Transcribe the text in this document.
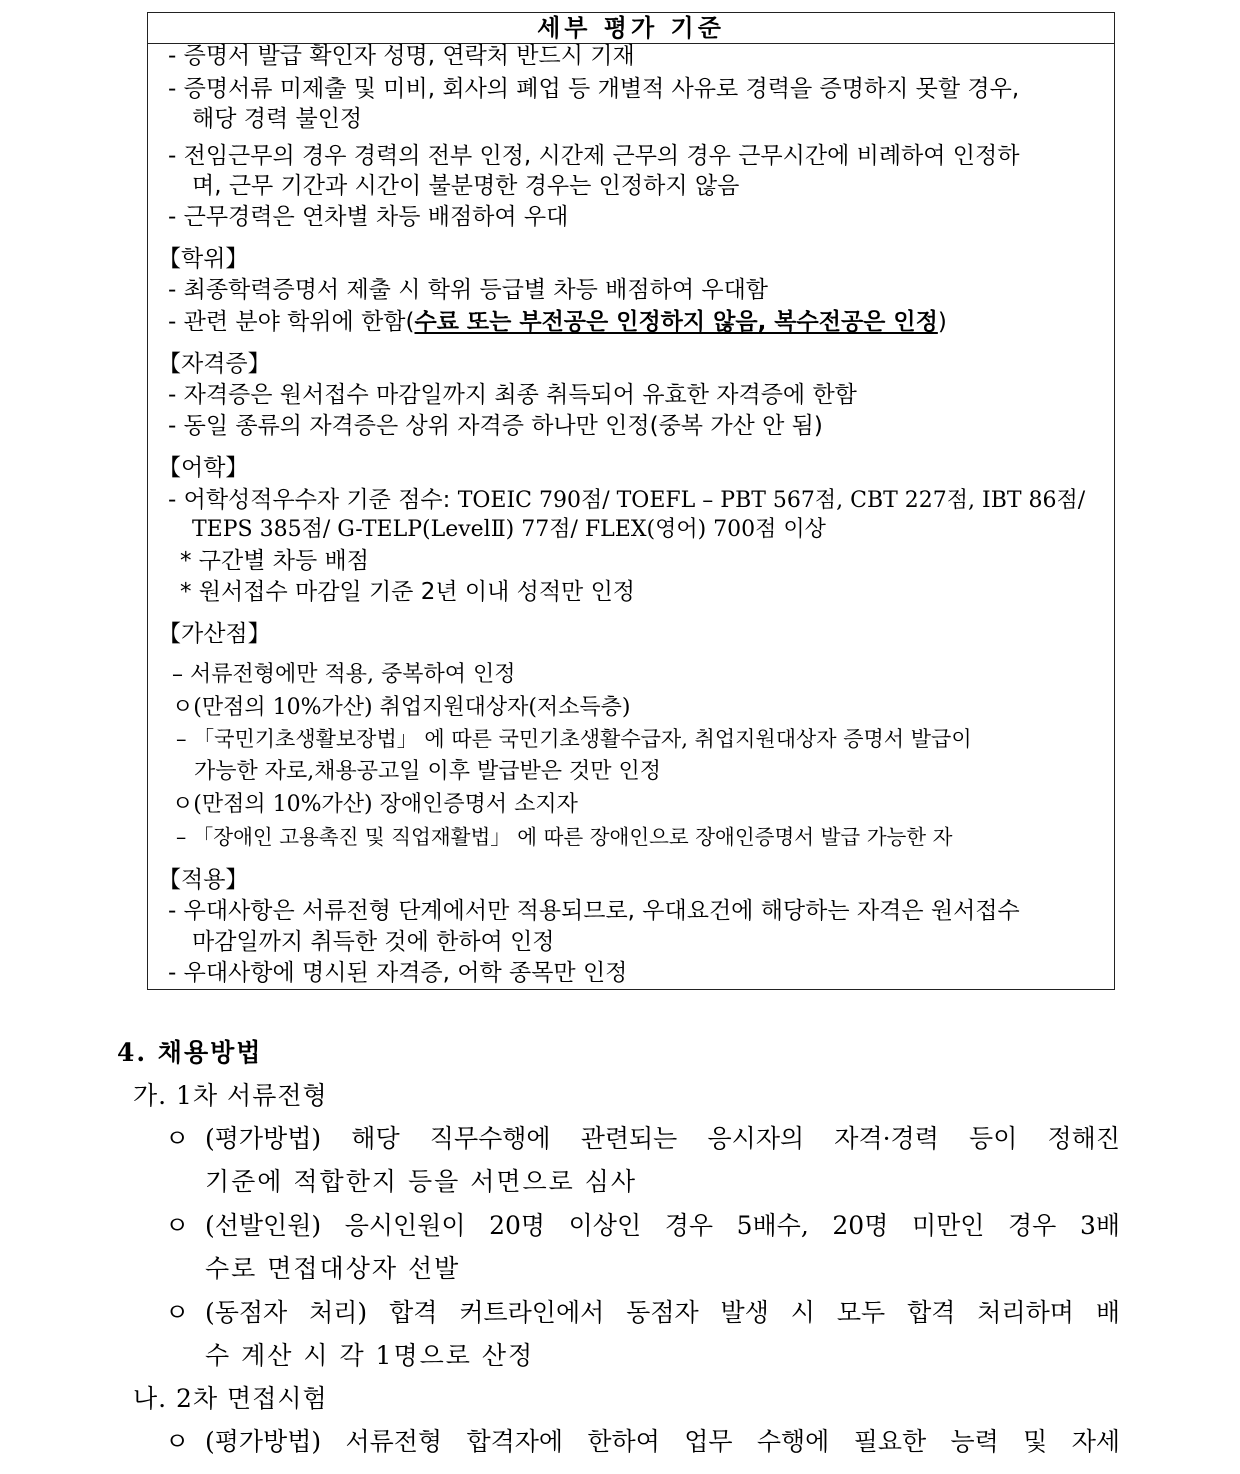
세부 평가 기준
- 증명서 발급 확인자 성명, 연락처 반드시 기재
- 증명서류 미제출 및 미비, 회사의 폐업 등 개별적 사유로 경력을 증명하지 못할 경우,
해당 경력 불인정
- 전임근무의 경우 경력의 전부 인정, 시간제 근무의 경우 근무시간에 비례하여 인정하
며, 근무 기간과 시간이 불분명한 경우는 인정하지 않음
- 근무경력은 연차별 차등 배점하여 우대
【학위】
- 최종학력증명서 제출 시 학위 등급별 차등 배점하여 우대함
- 관련 분야 학위에 한함(수료 또는 부전공은 인정하지 않음, 복수전공은 인정)
【자격증】
- 자격증은 원서접수 마감일까지 최종 취득되어 유효한 자격증에 한함
- 동일 종류의 자격증은 상위 자격증 하나만 인정(중복 가산 안 됨)
【어학】
- 어학성적우수자 기준 점수: TOEIC 790점/ TOEFL – PBT 567점, CBT 227점, IBT 86점/
TEPS 385점/ G-TELP(LevelⅡ) 77점/ FLEX(영어) 700점 이상
* 구간별 차등 배점
* 원서접수 마감일 기준 2년 이내 성적만 인정
【가산점】
– 서류전형에만 적용, 중복하여 인정
ㅇ(만점의 10%가산) 취업지원대상자(저소득층)
– 「국민기초생활보장법」 에 따른 국민기초생활수급자, 취업지원대상자 증명서 발급이
가능한 자로,채용공고일 이후 발급받은 것만 인정
ㅇ(만점의 10%가산) 장애인증명서 소지자
– 「장애인 고용촉진 및 직업재활법」 에 따른 장애인으로 장애인증명서 발급 가능한 자
【적용】
- 우대사항은 서류전형 단계에서만 적용되므로, 우대요건에 해당하는 자격은 원서접수
마감일까지 취득한 것에 한하여 인정
- 우대사항에 명시된 자격증, 어학 종목만 인정
4. 채용방법
가. 1차 서류전형
ㅇ (평가방법) 해당 직무수행에 관련되는 응시자의 자격·경력 등이 정해진
기준에 적합한지 등을 서면으로 심사
ㅇ (선발인원) 응시인원이 20명 이상인 경우 5배수, 20명 미만인 경우 3배
수로 면접대상자 선발
ㅇ (동점자 처리) 합격 커트라인에서 동점자 발생 시 모두 합격 처리하며 배
수 계산 시 각 1명으로 산정
나. 2차 면접시험
ㅇ (평가방법) 서류전형 합격자에 한하여 업무 수행에 필요한 능력 및 자세
